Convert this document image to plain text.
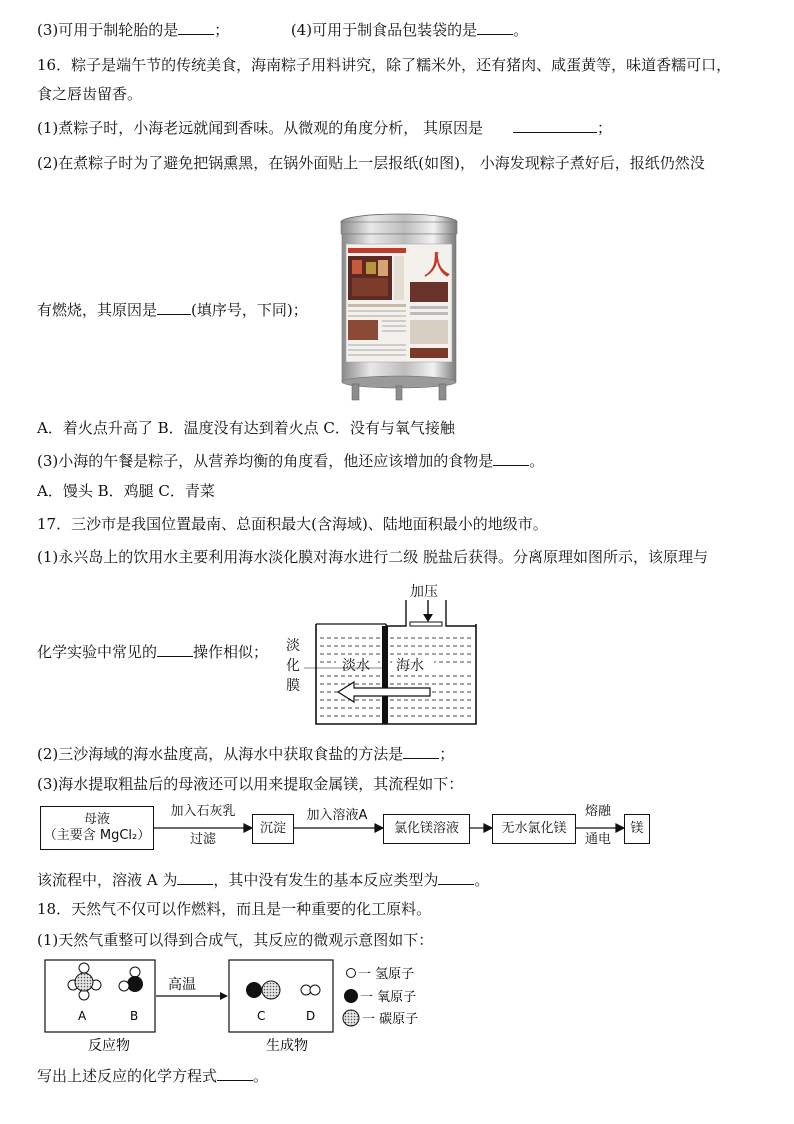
(3)可用于制轮胎的是 ；	(4)可用于制食品包装袋的是 。
16．粽子是端午节的传统美食，海南粽子用料讲究，除了糯米外，还有猪肉、咸蛋黄等，味道香糯可口，
食之唇齿留香。
(1)煮粽子时，小海老远就闻到香味。从微观的角度分析， 其原因是	；
(2)在煮粽子时为了避免把锅熏黑，在锅外面贴上一层报纸(如图)， 小海发现粽子煮好后，报纸仍然没
人
有燃烧，其原因是 (填序号，下同)；
A．着火点升高了 B．温度没有达到着火点 C．没有与氧气接触
(3)小海的午餐是粽子，从营养均衡的角度看，他还应该增加的食物是 。
A．馒头 B．鸡腿 C．青菜
17．三沙市是我国位置最南、总面积最大(含海域)、陆地面积最小的地级市。
(1)永兴岛上的饮用水主要利用海水淡化膜对海水进行二级 脱盐后获得。分离原理如图所示，该原理与
加压
淡水 海水
淡
化
膜
化学实验中常见的 操作相似；
(2)三沙海域的海水盐度高，从海水中获取食盐的方法是 ；
(3)海水提取粗盐后的母液还可以用来提取金属镁，其流程如下：
母液
（主要含 MgCl₂）
加入石灰乳
过滤
沉淀
加入溶液A
氯化镁溶液	无水氯化镁
熔融
通电
镁
该流程中，溶液 A 为 ，其中没有发生的基本反应类型为 。
18．天然气不仅可以作燃料，而且是一种重要的化工原料。
(1)天然气重整可以得到合成气，其反应的微观示意图如下：
A	B
高温
C	D
反应物	生成物
一 氢原子
一 氧原子
一 碳原子
写出上述反应的化学方程式 。
